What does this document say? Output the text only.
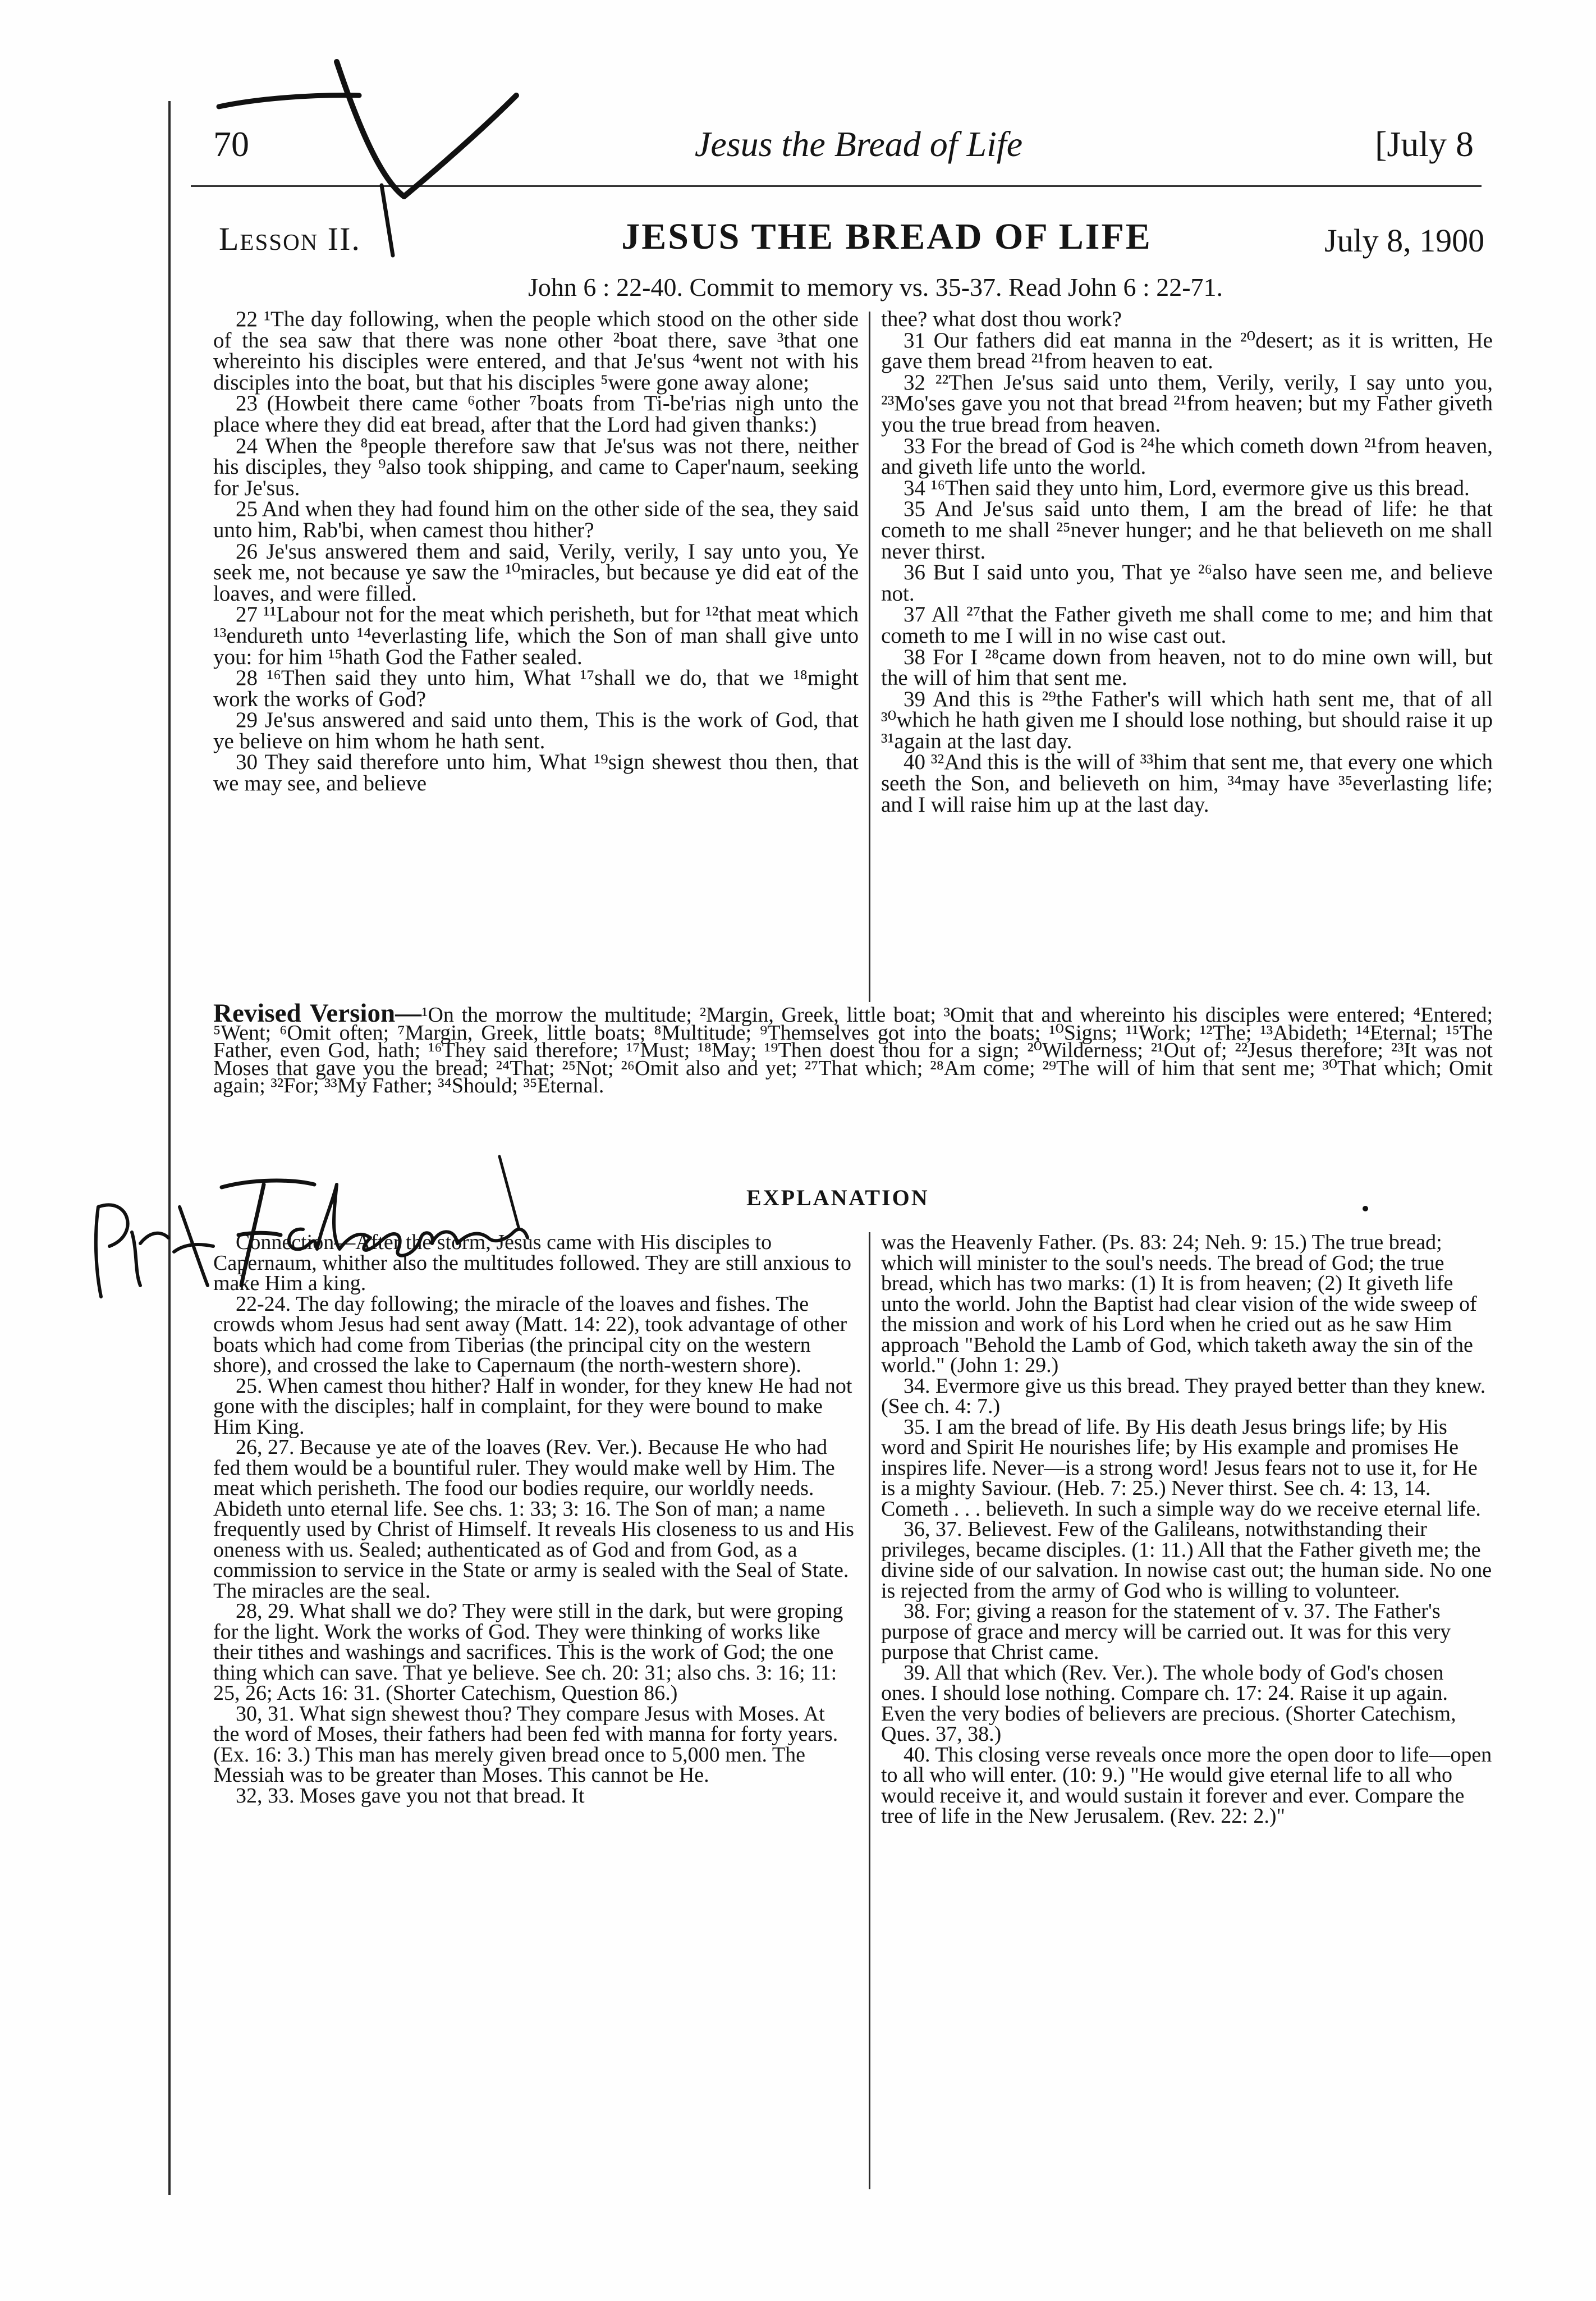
70	Jesus the Bread of Life	[July 8
Lesson II.	JESUS THE BREAD OF LIFE	July 8, 1900
John 6 : 22-40. Commit to memory vs. 35-37. Read John 6 : 22-71.

22 ¹The day following, when the people which stood on the other side of the sea saw that there was none other ²boat there, save ³that one whereinto his disciples were entered, and that Je'sus ⁴went not with his disciples into the boat, but that his disciples ⁵were gone away alone;

23 (Howbeit there came ⁶other ⁷boats from Ti-be'rias nigh unto the place where they did eat bread, after that the Lord had given thanks:)

24 When the ⁸people therefore saw that Je'sus was not there, neither his disciples, they ⁹also took shipping, and came to Caper'naum, seeking for Je'sus.

25 And when they had found him on the other side of the sea, they said unto him, Rab'bi, when camest thou hither?

26 Je'sus answered them and said, Verily, verily, I say unto you, Ye seek me, not because ye saw the ¹⁰miracles, but because ye did eat of the loaves, and were filled.

27 ¹¹Labour not for the meat which perisheth, but for ¹²that meat which ¹³endureth unto ¹⁴everlasting life, which the Son of man shall give unto you: for him ¹⁵hath God the Father sealed.

28 ¹⁶Then said they unto him, What ¹⁷shall we do, that we ¹⁸might work the works of God?

29 Je'sus answered and said unto them, This is the work of God, that ye believe on him whom he hath sent.

30 They said therefore unto him, What ¹⁹sign shewest thou then, that we may see, and believe

thee? what dost thou work?

31 Our fathers did eat manna in the ²⁰desert; as it is written, He gave them bread ²¹from heaven to eat.

32 ²²Then Je'sus said unto them, Verily, verily, I say unto you, ²³Mo'ses gave you not that bread ²¹from heaven; but my Father giveth you the true bread from heaven.

33 For the bread of God is ²⁴he which cometh down ²¹from heaven, and giveth life unto the world.

34 ¹⁶Then said they unto him, Lord, evermore give us this bread.

35 And Je'sus said unto them, I am the bread of life: he that cometh to me shall ²⁵never hunger; and he that believeth on me shall never thirst.

36 But I said unto you, That ye ²⁶also have seen me, and believe not.

37 All ²⁷that the Father giveth me shall come to me; and him that cometh to me I will in no wise cast out.

38 For I ²⁸came down from heaven, not to do mine own will, but the will of him that sent me.

39 And this is ²⁹the Father's will which hath sent me, that of all ³⁰which he hath given me I should lose nothing, but should raise it up ³¹again at the last day.

40 ³²And this is the will of ³³him that sent me, that every one which seeth the Son, and believeth on him, ³⁴may have ³⁵everlasting life; and I will raise him up at the last day.

Revised Version—¹On the morrow the multitude; ²Margin, Greek, little boat; ³Omit that and whereinto his disciples were entered; ⁴Entered; ⁵Went; ⁶Omit often; ⁷Margin, Greek, little boats; ⁸Multitude; ⁹Themselves got into the boats; ¹⁰Signs; ¹¹Work; ¹²The; ¹³Abideth; ¹⁴Eternal; ¹⁵The Father, even God, hath; ¹⁶They said therefore; ¹⁷Must; ¹⁸May; ¹⁹Then doest thou for a sign; ²⁰Wilderness; ²¹Out of; ²²Jesus therefore; ²³It was not Moses that gave you the bread; ²⁴That; ²⁵Not; ²⁶Omit also and yet; ²⁷That which; ²⁸Am come; ²⁹The will of him that sent me; ³⁰That which; Omit again; ³²For; ³³My Father; ³⁴Should; ³⁵Eternal.
EXPLANATION

Connection—After the storm, Jesus came with His disciples to Capernaum, whither also the multitudes followed. They are still anxious to make Him a king.

22-24. The day following; the miracle of the loaves and fishes. The crowds whom Jesus had sent away (Matt. 14: 22), took advantage of other boats which had come from Tiberias (the principal city on the western shore), and crossed the lake to Capernaum (the north-western shore).

25. When camest thou hither? Half in wonder, for they knew He had not gone with the disciples; half in complaint, for they were bound to make Him King.

26, 27. Because ye ate of the loaves (Rev. Ver.). Because He who had fed them would be a bountiful ruler. They would make well by Him. The meat which perisheth. The food our bodies require, our worldly needs. Abideth unto eternal life. See chs. 1: 33; 3: 16. The Son of man; a name frequently used by Christ of Himself. It reveals His closeness to us and His oneness with us. Sealed; authenticated as of God and from God, as a commission to service in the State or army is sealed with the Seal of State. The miracles are the seal.

28, 29. What shall we do? They were still in the dark, but were groping for the light. Work the works of God. They were thinking of works like their tithes and washings and sacrifices. This is the work of God; the one thing which can save. That ye believe. See ch. 20: 31; also chs. 3: 16; 11: 25, 26; Acts 16: 31. (Shorter Catechism, Question 86.)

30, 31. What sign shewest thou? They compare Jesus with Moses. At the word of Moses, their fathers had been fed with manna for forty years. (Ex. 16: 3.) This man has merely given bread once to 5,000 men. The Messiah was to be greater than Moses. This cannot be He.

32, 33. Moses gave you not that bread. It

was the Heavenly Father. (Ps. 83: 24; Neh. 9: 15.) The true bread; which will minister to the soul's needs. The bread of God; the true bread, which has two marks: (1) It is from heaven; (2) It giveth life unto the world. John the Baptist had clear vision of the wide sweep of the mission and work of his Lord when he cried out as he saw Him approach "Behold the Lamb of God, which taketh away the sin of the world." (John 1: 29.)

34. Evermore give us this bread. They prayed better than they knew. (See ch. 4: 7.)

35. I am the bread of life. By His death Jesus brings life; by His word and Spirit He nourishes life; by His example and promises He inspires life. Never—is a strong word! Jesus fears not to use it, for He is a mighty Saviour. (Heb. 7: 25.) Never thirst. See ch. 4: 13, 14. Cometh . . . believeth. In such a simple way do we receive eternal life.

36, 37. Believest. Few of the Galileans, notwithstanding their privileges, became disciples. (1: 11.) All that the Father giveth me; the divine side of our salvation. In nowise cast out; the human side. No one is rejected from the army of God who is willing to volunteer.

38. For; giving a reason for the statement of v. 37. The Father's purpose of grace and mercy will be carried out. It was for this very purpose that Christ came.

39. All that which (Rev. Ver.). The whole body of God's chosen ones. I should lose nothing. Compare ch. 17: 24. Raise it up again. Even the very bodies of believers are precious. (Shorter Catechism, Ques. 37, 38.)

40. This closing verse reveals once more the open door to life—open to all who will enter. (10: 9.) "He would give eternal life to all who would receive it, and would sustain it forever and ever. Compare the tree of life in the New Jerusalem. (Rev. 22: 2.)"
